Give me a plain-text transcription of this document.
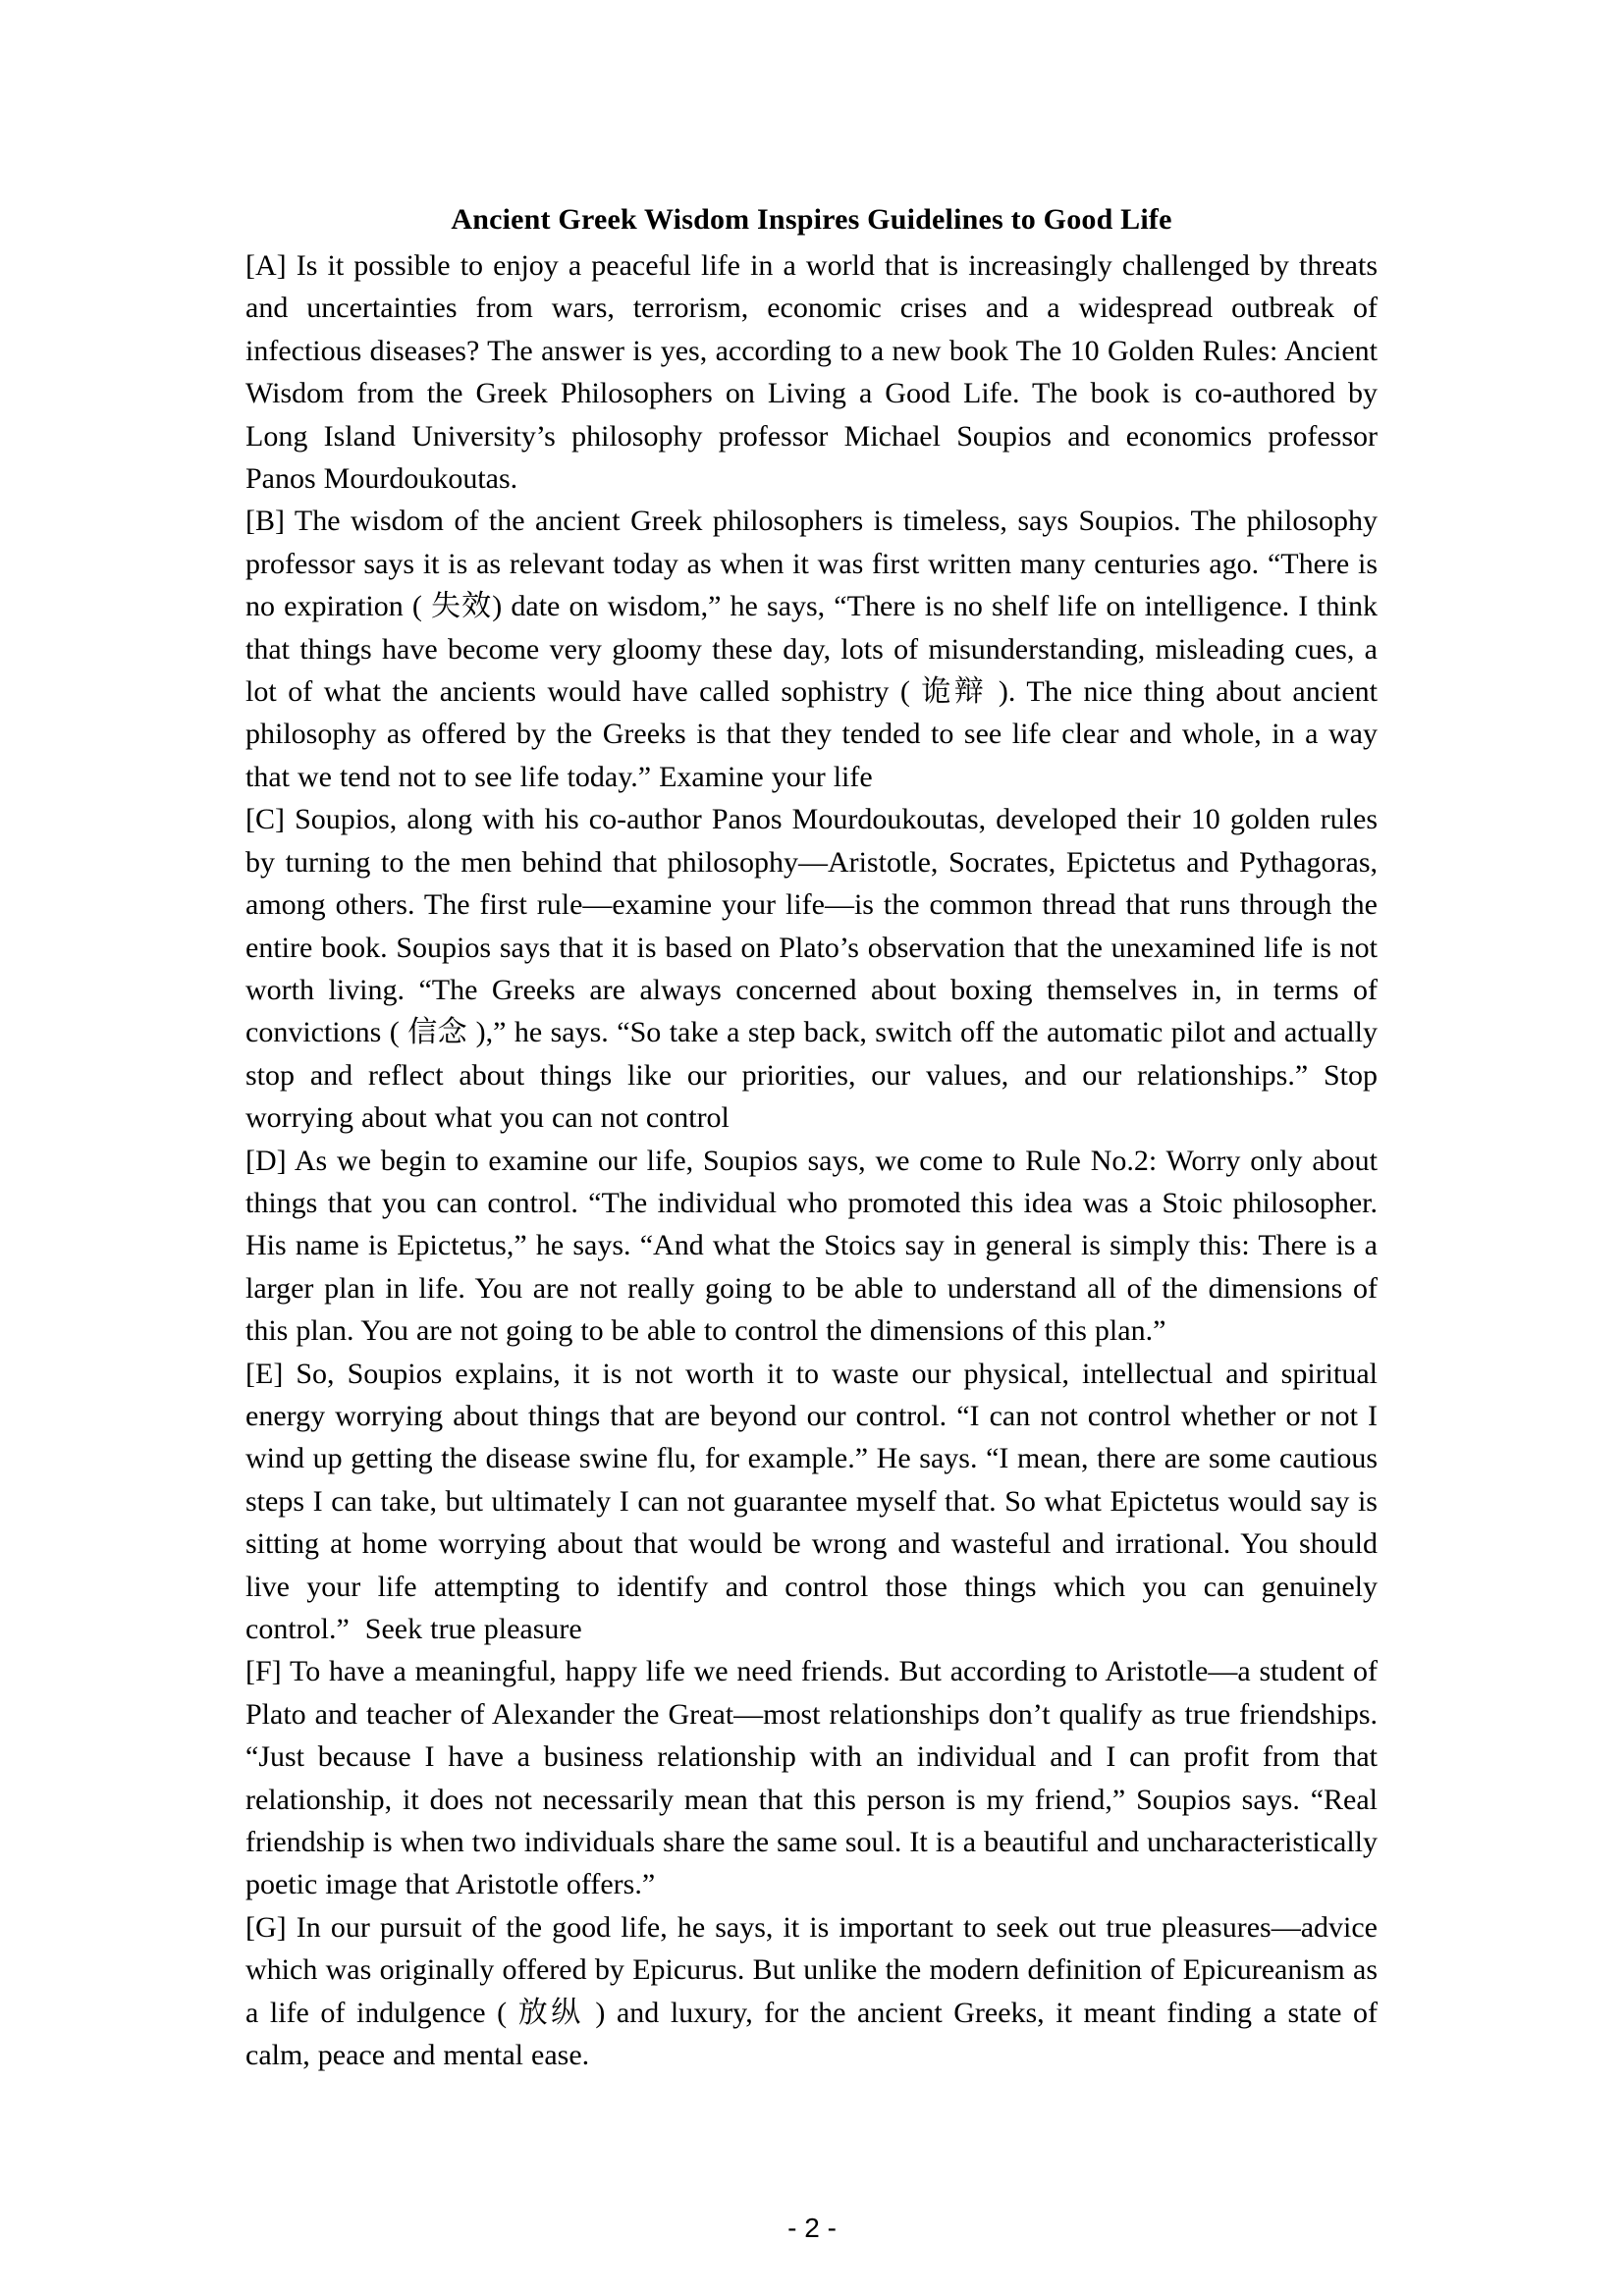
Ancient Greek Wisdom Inspires Guidelines to Good Life

[A] Is it possible to enjoy a peaceful life in a world that is increasingly challenged by threats and uncertainties from wars, terrorism, economic crises and a widespread outbreak of infectious diseases? The answer is yes, according to a new book The 10 Golden Rules: Ancient Wisdom from the Greek Philosophers on Living a Good Life. The book is co-authored by Long Island University’s philosophy professor Michael Soupios and economics professor Panos Mourdoukoutas.

[B] The wisdom of the ancient Greek philosophers is timeless, says Soupios. The philosophy professor says it is as relevant today as when it was first written many centuries ago. “There is no expiration ( 失效) date on wisdom,” he says, “There is no shelf life on intelligence. I think that things have become very gloomy these day, lots of misunderstanding, misleading cues, a lot of what the ancients would have called sophistry ( 诡辩 ). The nice thing about ancient philosophy as offered by the Greeks is that they tended to see life clear and whole, in a way that we tend not to see life today.” Examine your life

[C] Soupios, along with his co-author Panos Mourdoukoutas, developed their 10 golden rules by turning to the men behind that philosophy—Aristotle, Socrates, Epictetus and Pythagoras, among others. The first rule—examine your life—is the common thread that runs through the entire book. Soupios says that it is based on Plato’s observation that the unexamined life is not worth living. “The Greeks are always concerned about boxing themselves in, in terms of convictions ( 信念 ),” he says. “So take a step back, switch off the automatic pilot and actually stop and reflect about things like our priorities, our values, and our relationships.” Stop worrying about what you can not control

[D] As we begin to examine our life, Soupios says, we come to Rule No.2: Worry only about things that you can control. “The individual who promoted this idea was a Stoic philosopher. His name is Epictetus,” he says. “And what the Stoics say in general is simply this: There is a larger plan in life. You are not really going to be able to understand all of the dimensions of this plan. You are not going to be able to control the dimensions of this plan.”

[E] So, Soupios explains, it is not worth it to waste our physical, intellectual and spiritual energy worrying about things that are beyond our control. “I can not control whether or not I wind up getting the disease swine flu, for example.” He says. “I mean, there are some cautious steps I can take, but ultimately I can not guarantee myself that. So what Epictetus would say is sitting at home worrying about that would be wrong and wasteful and irrational. You should live your life attempting to identify and control those things which you can genuinely control.”  Seek true pleasure

[F] To have a meaningful, happy life we need friends. But according to Aristotle—a student of Plato and teacher of Alexander the Great—most relationships don’t qualify as true friendships. “Just because I have a business relationship with an individual and I can profit from that relationship, it does not necessarily mean that this person is my friend,” Soupios says. “Real friendship is when two individuals share the same soul. It is a beautiful and uncharacteristically poetic image that Aristotle offers.”

[G] In our pursuit of the good life, he says, it is important to seek out true pleasures—advice which was originally offered by Epicurus. But unlike the modern definition of Epicureanism as a life of indulgence ( 放纵 ) and luxury, for the ancient Greeks, it meant finding a state of calm, peace and mental ease.

- 2 -
